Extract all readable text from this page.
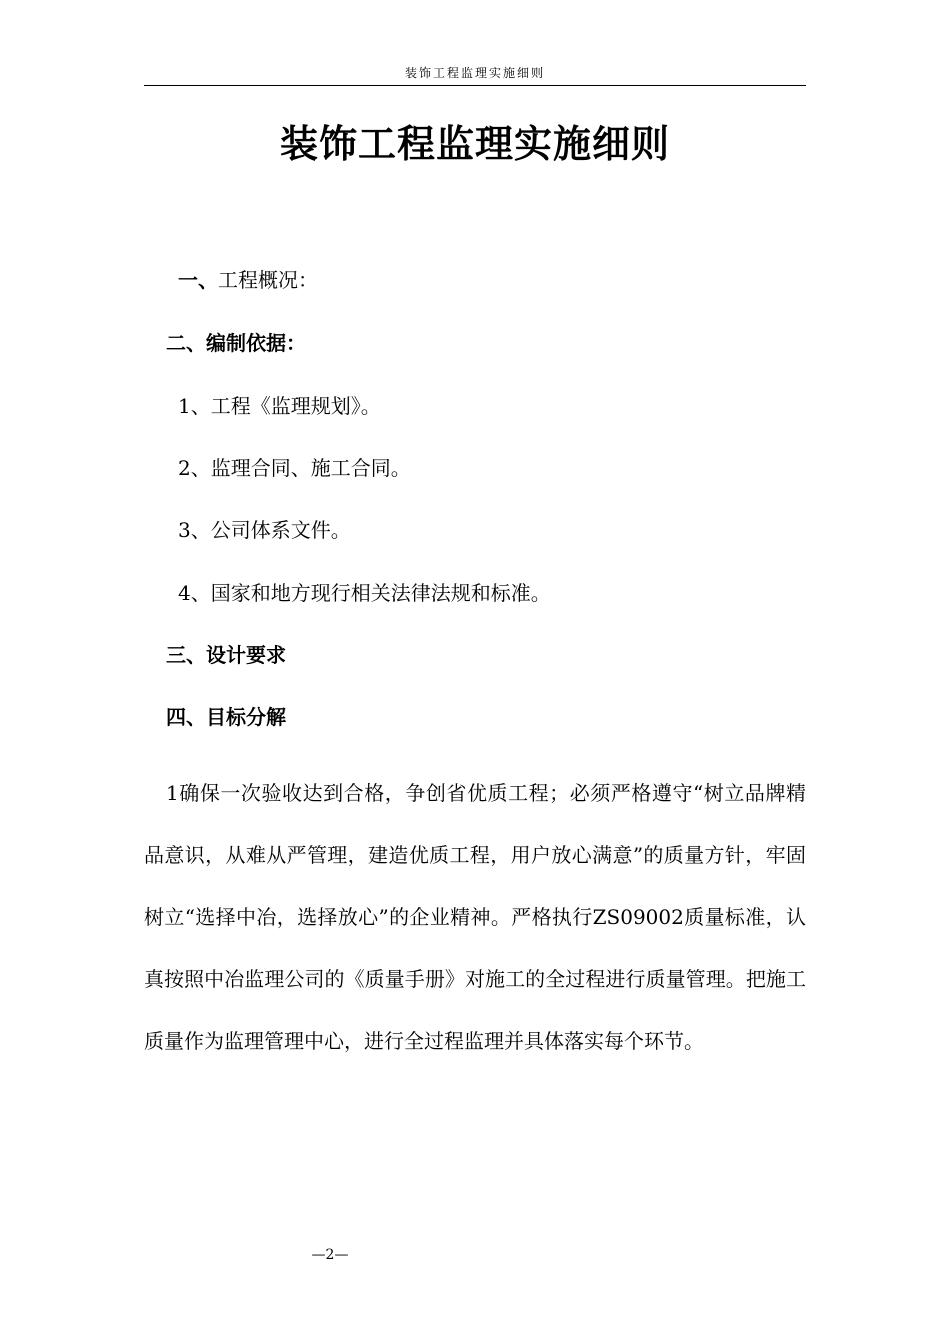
装饰工程监理实施细则
装饰工程监理实施细则
一、工程概况：
二、编制依据：
1、工程《监理规划》。
2、监理合同、施工合同。
3、公司体系文件。
4、国家和地方现行相关法律法规和标准。
三、设计要求
四、目标分解

1确保一次验收达到合格，争创省优质工程；必须严格遵守“树立品牌精品意识，从难从严管理，建造优质工程，用户放心满意”的质量方针，牢固树立“选择中冶，选择放心”的企业精神。严格执行ZS09002质量标准，认真按照中冶监理公司的《质量手册》对施工的全过程进行质量管理。把施工质量作为监理管理中心，进行全过程监理并具体落实每个环节。

—2—
